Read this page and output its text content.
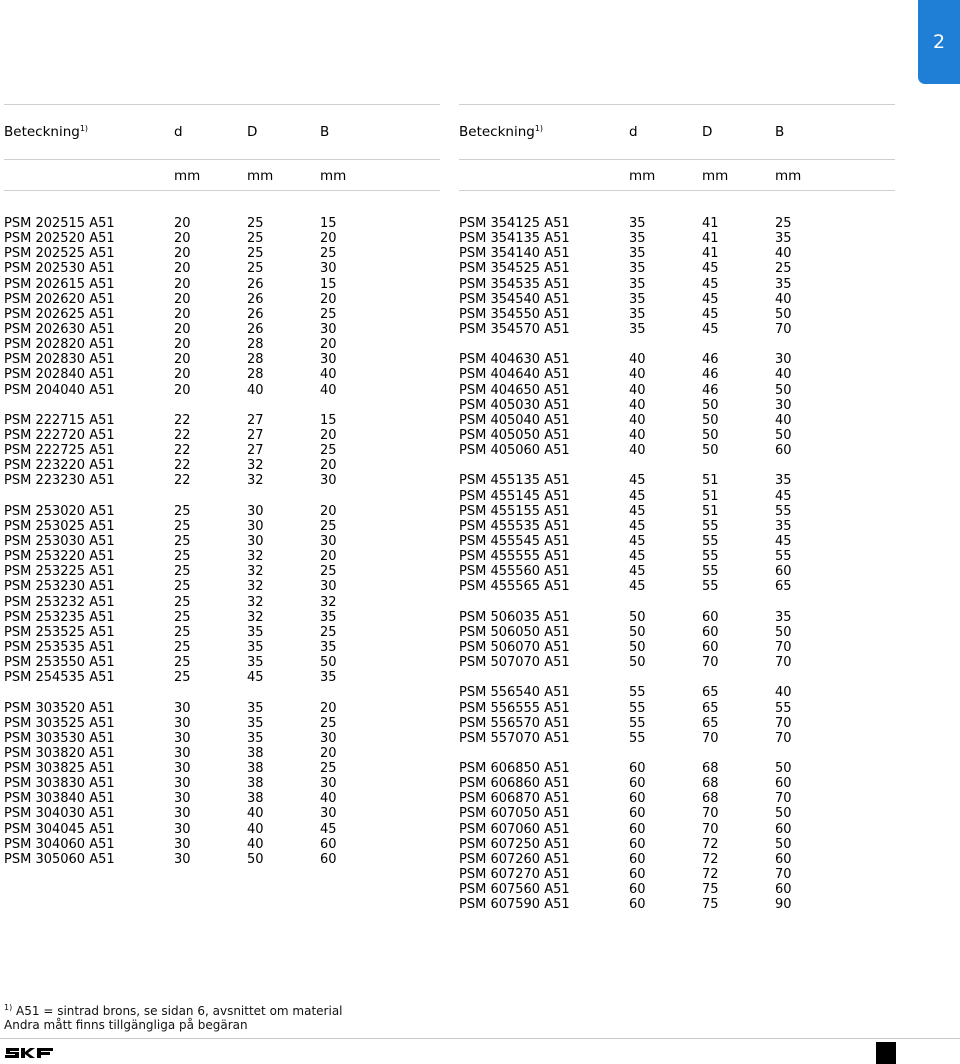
2
Beteckning$^{1)}$	d	D	B
mm	mm	mm
PSM 202515 A51	20	25	15
PSM 202520 A51	20	25	20
PSM 202525 A51	20	25	25
PSM 202530 A51	20	25	30
PSM 202615 A51	20	26	15
PSM 202620 A51	20	26	20
PSM 202625 A51	20	26	25
PSM 202630 A51	20	26	30
PSM 202820 A51	20	28	20
PSM 202830 A51	20	28	30
PSM 202840 A51	20	28	40
PSM 204040 A51	20	40	40
PSM 222715 A51	22	27	15
PSM 222720 A51	22	27	20
PSM 222725 A51	22	27	25
PSM 223220 A51	22	32	20
PSM 223230 A51	22	32	30
PSM 253020 A51	25	30	20
PSM 253025 A51	25	30	25
PSM 253030 A51	25	30	30
PSM 253220 A51	25	32	20
PSM 253225 A51	25	32	25
PSM 253230 A51	25	32	30
PSM 253232 A51	25	32	32
PSM 253235 A51	25	32	35
PSM 253525 A51	25	35	25
PSM 253535 A51	25	35	35
PSM 253550 A51	25	35	50
PSM 254535 A51	25	45	35
PSM 303520 A51	30	35	20
PSM 303525 A51	30	35	25
PSM 303530 A51	30	35	30
PSM 303820 A51	30	38	20
PSM 303825 A51	30	38	25
PSM 303830 A51	30	38	30
PSM 303840 A51	30	38	40
PSM 304030 A51	30	40	30
PSM 304045 A51	30	40	45
PSM 304060 A51	30	40	60
PSM 305060 A51	30	50	60
Beteckning$^{1)}$	d	D	B
mm	mm	mm
PSM 354125 A51	35	41	25
PSM 354135 A51	35	41	35
PSM 354140 A51	35	41	40
PSM 354525 A51	35	45	25
PSM 354535 A51	35	45	35
PSM 354540 A51	35	45	40
PSM 354550 A51	35	45	50
PSM 354570 A51	35	45	70
PSM 404630 A51	40	46	30
PSM 404640 A51	40	46	40
PSM 404650 A51	40	46	50
PSM 405030 A51	40	50	30
PSM 405040 A51	40	50	40
PSM 405050 A51	40	50	50
PSM 405060 A51	40	50	60
PSM 455135 A51	45	51	35
PSM 455145 A51	45	51	45
PSM 455155 A51	45	51	55
PSM 455535 A51	45	55	35
PSM 455545 A51	45	55	45
PSM 455555 A51	45	55	55
PSM 455560 A51	45	55	60
PSM 455565 A51	45	55	65
PSM 506035 A51	50	60	35
PSM 506050 A51	50	60	50
PSM 506070 A51	50	60	70
PSM 507070 A51	50	70	70
PSM 556540 A51	55	65	40
PSM 556555 A51	55	65	55
PSM 556570 A51	55	65	70
PSM 557070 A51	55	70	70
PSM 606850 A51	60	68	50
PSM 606860 A51	60	68	60
PSM 606870 A51	60	68	70
PSM 607050 A51	60	70	50
PSM 607060 A51	60	70	60
PSM 607250 A51	60	72	50
PSM 607260 A51	60	72	60
PSM 607270 A51	60	72	70
PSM 607560 A51	60	75	60
PSM 607590 A51	60	75	90
$^{1)}$ A51 = sintrad brons, se sidan 6, avsnittet om material
Andra mått finns tillgängliga på begäran
